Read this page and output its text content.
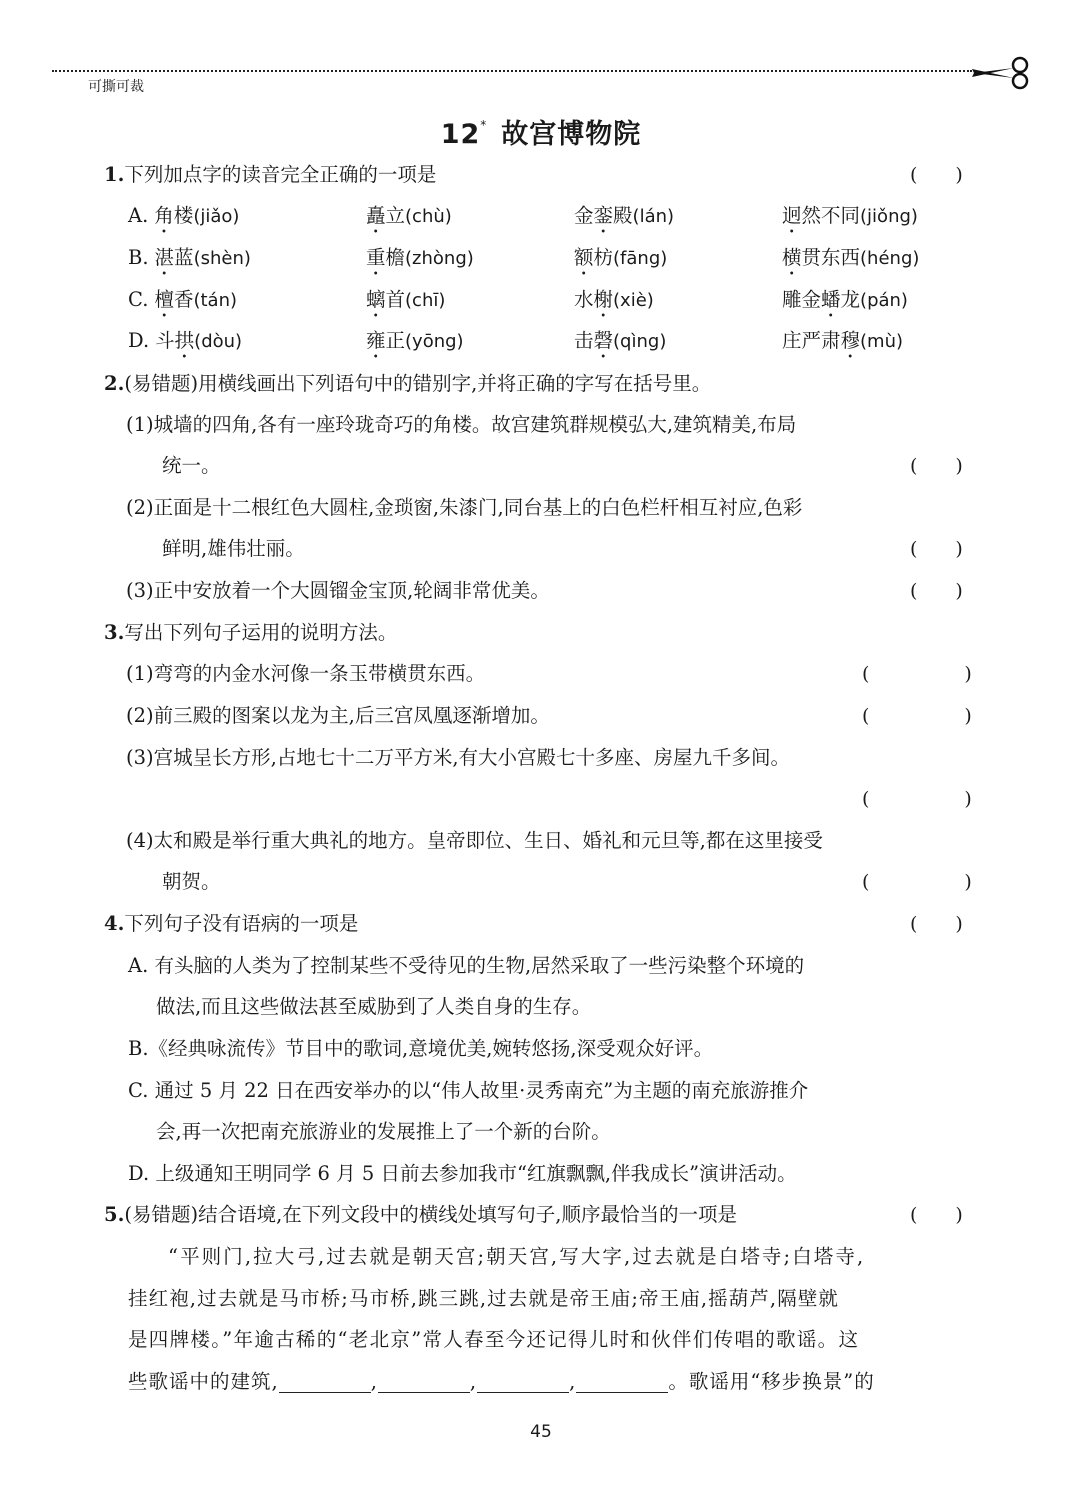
可撕可裁
12* 故宫博物院
1.下列加点字的读音完全正确的一项是	(　　)
A. 角楼(jiǎo)	矗立(chù)	金銮殿(lán)	迥然不同(jiǒng)
B. 湛蓝(shèn)	重檐(zhòng)	额枋(fāng)	横贯东西(héng)
C. 檀香(tán)	螭首(chī)	水榭(xiè)	雕金蟠龙(pán)
D. 斗拱(dòu)	雍正(yōng)	击磬(qìng)	庄严肃穆(mù)
2.(易错题)用横线画出下列语句中的错别字,并将正确的字写在括号里。
(1)城墙的四角,各有一座玲珑奇巧的角楼。故宫建筑群规模弘大,建筑精美,布局
统一。	(　　)
(2)正面是十二根红色大圆柱,金琐窗,朱漆门,同台基上的白色栏杆相互衬应,色彩
鲜明,雄伟壮丽。	(　　)
(3)正中安放着一个大圆镏金宝顶,轮阔非常优美。	(　　)
3.写出下列句子运用的说明方法。
(1)弯弯的内金水河像一条玉带横贯东西。	(　　　　　)
(2)前三殿的图案以龙为主,后三宫凤凰逐渐增加。	(　　　　　)
(3)宫城呈长方形,占地七十二万平方米,有大小宫殿七十多座、房屋九千多间。
(　　　　　)
(4)太和殿是举行重大典礼的地方。皇帝即位、生日、婚礼和元旦等,都在这里接受
朝贺。	(　　　　　)
4.下列句子没有语病的一项是	(　　)
A. 有头脑的人类为了控制某些不受待见的生物,居然采取了一些污染整个环境的
做法,而且这些做法甚至威胁到了人类自身的生存。
B.《经典咏流传》节目中的歌词,意境优美,婉转悠扬,深受观众好评。
C. 通过 5 月 22 日在西安举办的以“伟人故里·灵秀南充”为主题的南充旅游推介
会,再一次把南充旅游业的发展推上了一个新的台阶。
D. 上级通知王明同学 6 月 5 日前去参加我市“红旗飘飘,伴我成长”演讲活动。
5.(易错题)结合语境,在下列文段中的横线处填写句子,顺序最恰当的一项是	(　　)
“平则门,拉大弓,过去就是朝天宫;朝天宫,写大字,过去就是白塔寺;白塔寺,
挂红袍,过去就是马市桥;马市桥,跳三跳,过去就是帝王庙;帝王庙,摇葫芦,隔壁就
是四牌楼。”年逾古稀的“老北京”常人春至今还记得儿时和伙伴们传唱的歌谣。这
些歌谣中的建筑,	,	,	,	。歌谣用“移步换景”的
45
